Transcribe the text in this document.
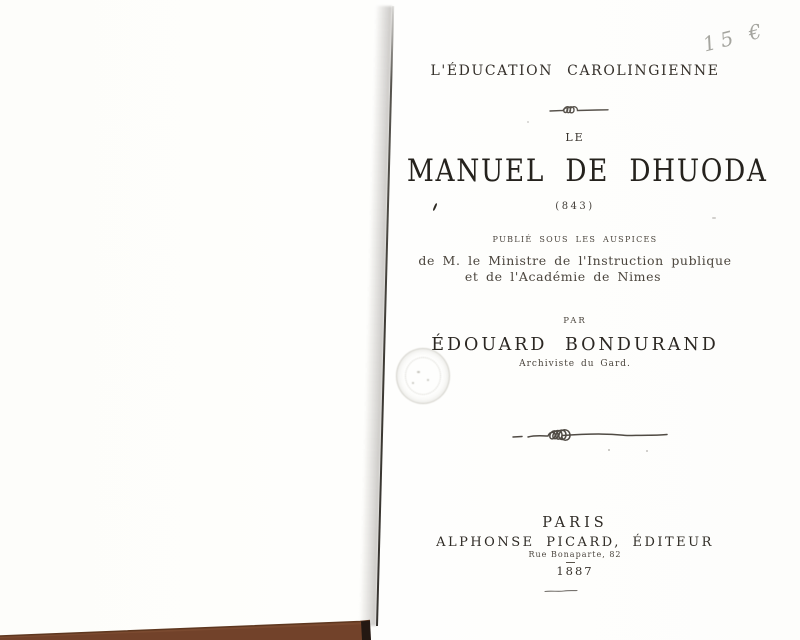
L'ÉDUCATION CAROLINGIENNE
LE
MANUEL DE DHUODA
(843)
PUBLIÉ SOUS LES AUSPICES
de M. le Ministre de l'Instruction publique
et de l'Académie de Nimes
PAR
ÉDOUARD BONDURAND
Archiviste du Gard.
PARIS
ALPHONSE PICARD, ÉDITEUR
Rue Bonaparte, 82
1887
15 €
